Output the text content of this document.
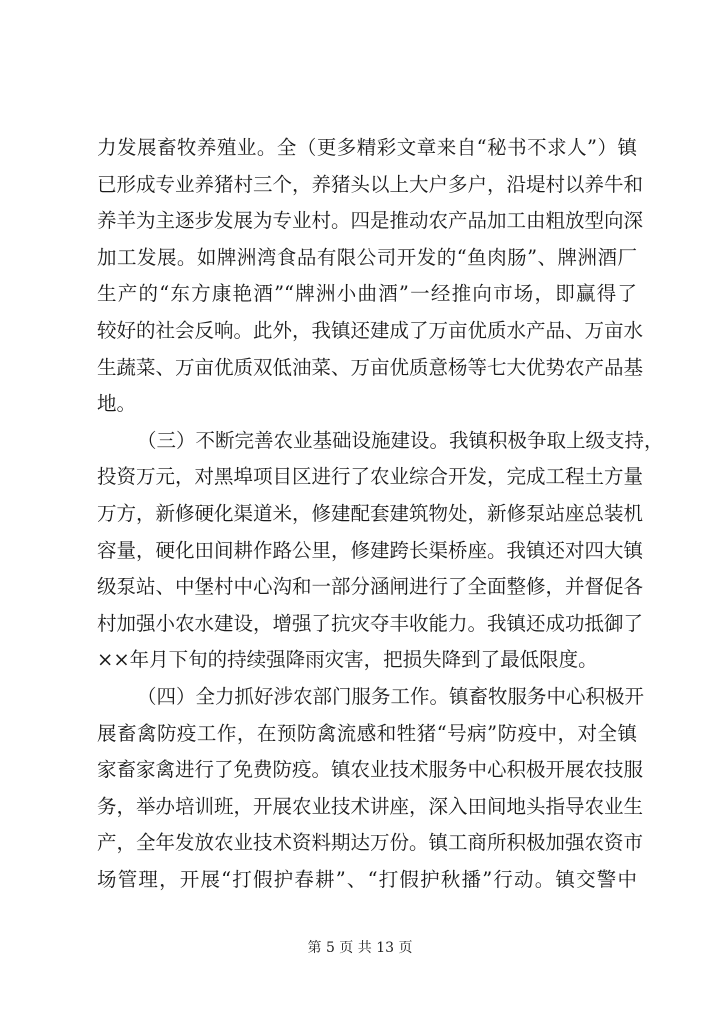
力发展畜牧养殖业。全（更多精彩文章来自“秘书不求人”）镇
已形成专业养猪村三个，养猪头以上大户多户，沿堤村以养牛和
养羊为主逐步发展为专业村。四是推动农产品加工由粗放型向深
加工发展。如牌洲湾食品有限公司开发的“鱼肉肠”、牌洲酒厂
生产的“东方康艳酒”“牌洲小曲酒”一经推向市场，即赢得了
较好的社会反响。此外，我镇还建成了万亩优质水产品、万亩水
生蔬菜、万亩优质双低油菜、万亩优质意杨等七大优势农产品基
地。
（三）不断完善农业基础设施建设。我镇积极争取上级支持，
投资万元，对黑埠项目区进行了农业综合开发，完成工程土方量
万方，新修硬化渠道米，修建配套建筑物处，新修泵站座总装机
容量，硬化田间耕作路公里，修建跨长渠桥座。我镇还对四大镇
级泵站、中堡村中心沟和一部分涵闸进行了全面整修，并督促各
村加强小农水建设，增强了抗灾夺丰收能力。我镇还成功抵御了
××年月下旬的持续强降雨灾害，把损失降到了最低限度。
（四）全力抓好涉农部门服务工作。镇畜牧服务中心积极开
展畜禽防疫工作，在预防禽流感和牲猪“号病”防疫中，对全镇
家畜家禽进行了免费防疫。镇农业技术服务中心积极开展农技服
务，举办培训班，开展农业技术讲座，深入田间地头指导农业生
产，全年发放农业技术资料期达万份。镇工商所积极加强农资市
场管理，开展“打假护春耕”、“打假护秋播”行动。镇交警中
第 5 页 共 13 页
